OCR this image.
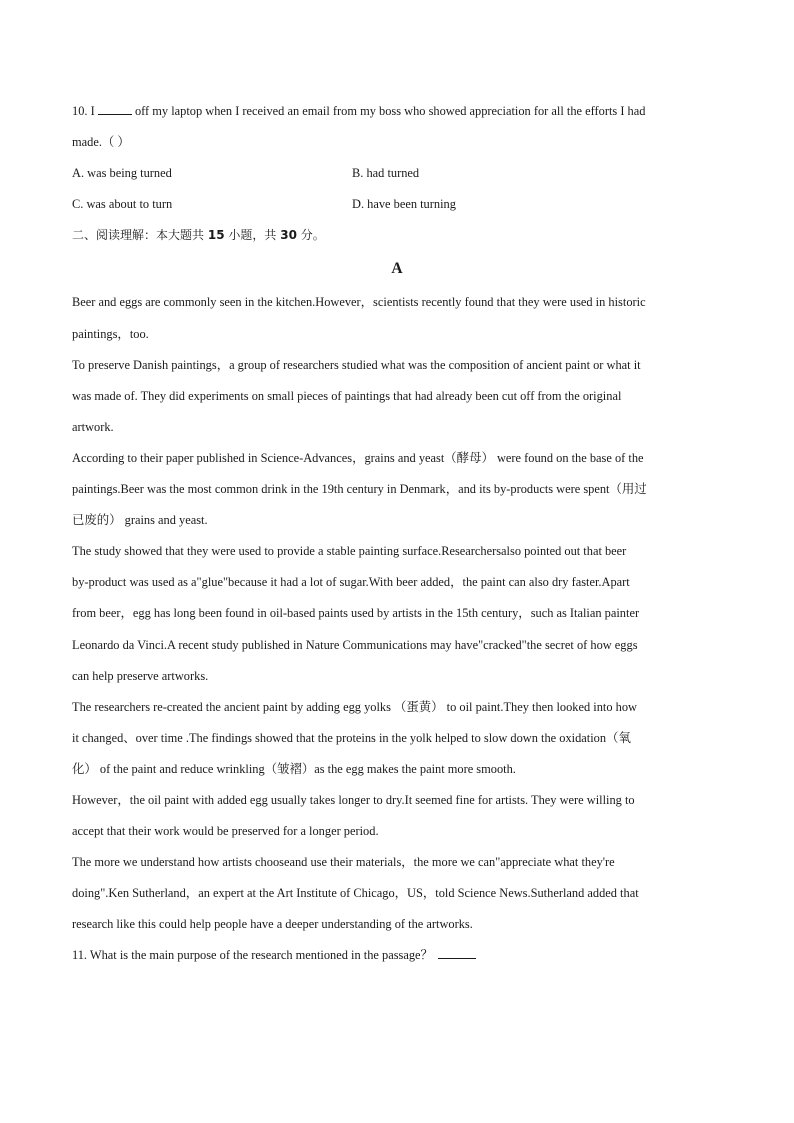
10. I	off my laptop when I received an email from my boss who showed appreciation for all the efforts I had
made.（ ）
A. was being turned	B. had turned
C. was about to turn	D. have been turning
二、阅读理解：本大题共 15 小题，共 30 分。
A
Beer and eggs are commonly seen in the kitchen.However，scientists recently found that they were used in historic
paintings，too.
To preserve Danish paintings，a group of researchers studied what was the composition of ancient paint or what it
was made of. They did experiments on small pieces of paintings that had already been cut off from the original
artwork.
According to their paper published in Science-Advances，grains and yeast（酵母） were found on the base of the
paintings.Beer was the most common drink in the 19th century in Denmark，and its by-products were spent（用过
已废的） grains and yeast.
The study showed that they were used to provide a stable painting surface.Researchersalso pointed out that beer
by-product was used as a"glue"because it had a lot of sugar.With beer added，the paint can also dry faster.Apart
from beer，egg has long been found in oil-based paints used by artists in the 15th century，such as Italian painter
Leonardo da Vinci.A recent study published in Nature Communications may have"cracked"the secret of how eggs
can help preserve artworks.
The researchers re-created the ancient paint by adding egg yolks （蛋黄） to oil paint.They then looked into how
it changed、over time .The findings showed that the proteins in the yolk helped to slow down the oxidation（氧
化） of the paint and reduce wrinkling（皱褶）as the egg makes the paint more smooth.
However，the oil paint with added egg usually takes longer to dry.It seemed fine for artists. They were willing to
accept that their work would be preserved for a longer period.
The more we understand how artists chooseand use their materials，the more we can"appreciate what they're
doing".Ken Sutherland，an expert at the Art Institute of Chicago，US，told Science News.Sutherland added that
research like this could help people have a deeper understanding of the artworks.
11. What is the main purpose of the research mentioned in the passage？
